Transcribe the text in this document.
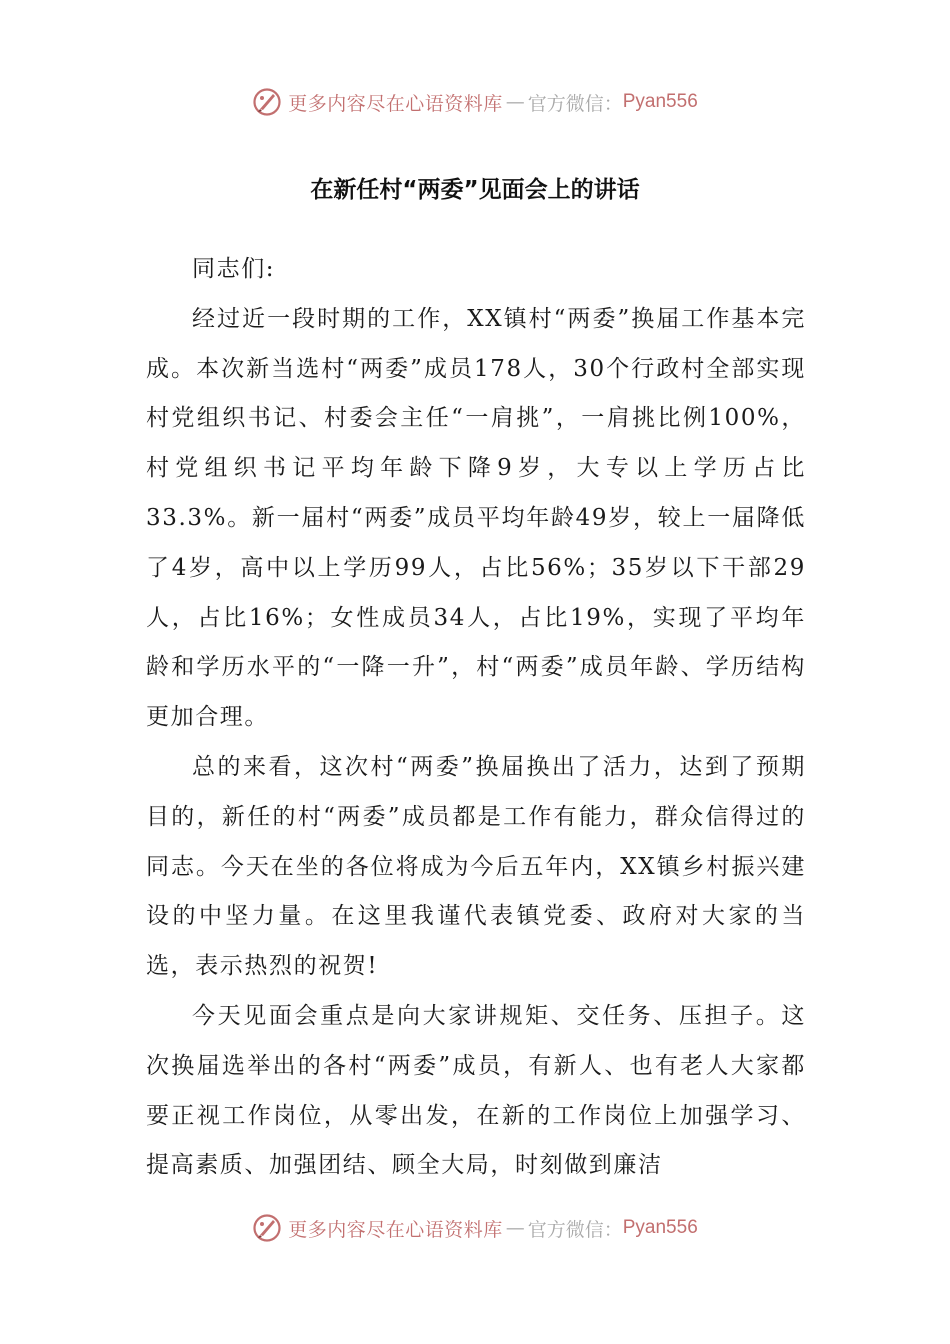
更多内容尽在心语资料库 — 官方微信： Pyan556
在新任村“两委”见面会上的讲话

同志们:

经过近一段时期的工作，XX镇村“两委”换届工作基本完成。本次新当选村“两委”成员178人，30个行政村全部实现村党组织书记、村委会主任“一肩挑”，一肩挑比例100%，村党组织书记平均年龄下降9岁，大专以上学历占比33.3%。新一届村“两委”成员平均年龄49岁，较上一届降低了4岁，高中以上学历99人，占比56%；35岁以下干部29人，占比16%；女性成员34人，占比19%，实现了平均年龄和学历水平的“一降一升”，村“两委”成员年龄、学历结构更加合理。

总的来看，这次村“两委”换届换出了活力，达到了预期目的，新任的村“两委”成员都是工作有能力，群众信得过的同志。今天在坐的各位将成为今后五年内，XX镇乡村振兴建设的中坚力量。在这里我谨代表镇党委、政府对大家的当选，表示热烈的祝贺!

今天见面会重点是向大家讲规矩、交任务、压担子。这次换届选举出的各村“两委”成员，有新人、也有老人大家都要正视工作岗位，从零出发，在新的工作岗位上加强学习、提高素质、加强团结、顾全大局，时刻做到廉洁

更多内容尽在心语资料库 — 官方微信： Pyan556
